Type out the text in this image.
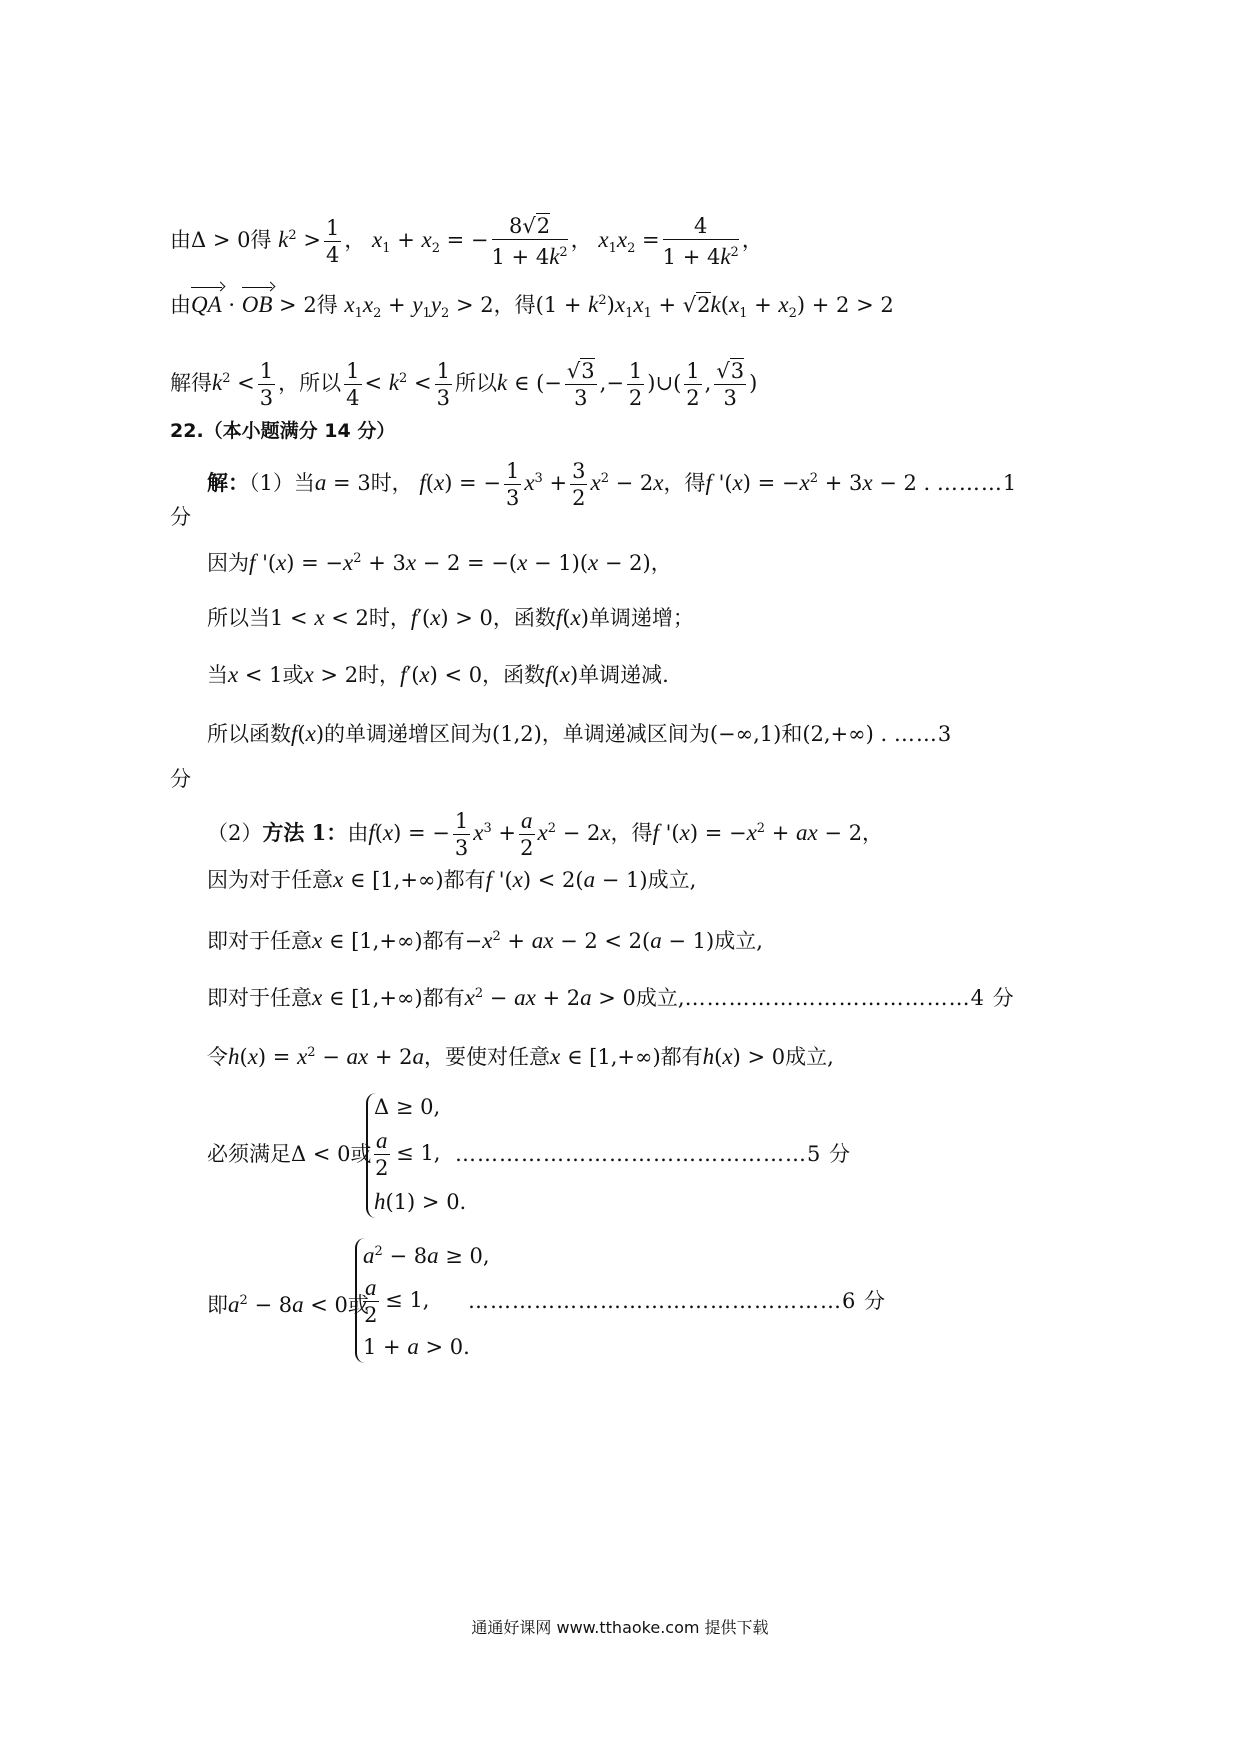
由Δ > 0得 $k^2 > \frac{1}{4}$ ， $x_1 + x_2$ = − $\frac{8√2}{1 + 4k^2}$ ， $x_1x_2 = \frac{4}{1 + 4k^2}$ ，
由QA · OB > 2得 $x_1x_2 + y_1y_2 > 2$，得$(1 + k^2)x_1x_1 + √2k(x_1 + x_2) + 2 > 2$
解得$k^2 < \frac{1}{3}$ ，所以 $\frac{1}{4} < k^2 < \frac{1}{3}$ 所以k ∈ (− $\frac{√3}{3}$ ,− $\frac{1}{2}$ )∪( $\frac{1}{2}$ , $\frac{√3}{3}$ )
22.（本小题满分 14 分）
解：（1）当a = 3时， f(x) = − $\frac{1}{3} x^3 + \frac{3}{2} x^2 - 2x$，得f '$(x) = -x^2 + 3x - 2$ . ………1
分
因为f '$(x) = -x^2 + 3x - 2 = -(x - 1)(x - 2)$，
所以当1 < x < 2时，f′(x) > 0，函数f(x)单调递增；
当x < 1或x > 2时，f′(x) < 0，函数f(x)单调递减.
所以函数f(x)的单调递增区间为(1,2)，单调递减区间为(−∞,1)和(2,+∞) . ……3
分
（2）方法 1：由f(x) = − $\frac{1}{3} x^3 + \frac{a}{2} x^2 - 2x$，得f '$(x) = -x^2$ + ax − 2，
因为对于任意x ∈ [1,+∞)都有f '(x) < 2(a − 1)成立,
即对于任意x ∈ [1,+∞)都有$-x^2$ + ax − 2 < 2(a − 1)成立,
即对于任意x ∈ [1,+∞)都有$x^2$ − ax + 2a > 0成立,…………………………………4 分
令$h(x) = x^2$ − ax + 2a，要使对任意x ∈ [1,+∞)都有h(x) > 0成立,
必须满足Δ < 0或
Δ ≥ 0,
$\frac{a}{2} \le 1$,
h(1) > 0.
…………………………………………5 分
即$a^2 - 8a < 0$或
$a^2 - 8a \ge 0$,
$\frac{a}{2} \le 1$,
1 + a > 0.
……………………………………………6 分
通通好课网 www.tthaoke.com 提供下载
